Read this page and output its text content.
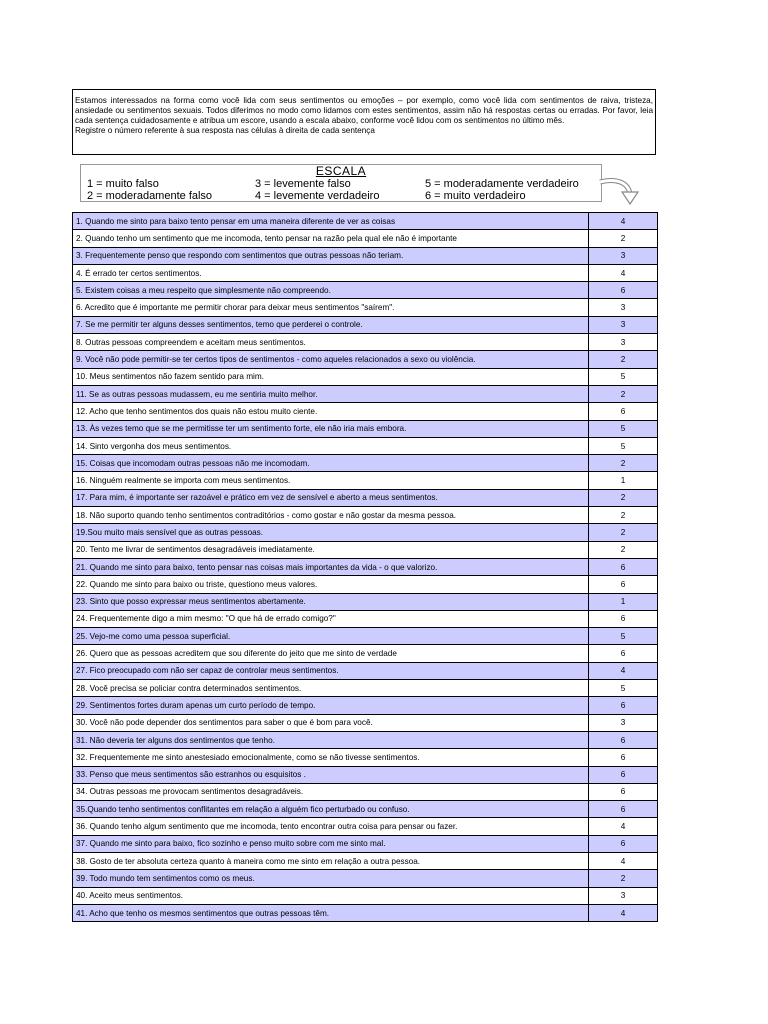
Estamos interessados na forma como você lida com seus sentimentos ou emoções – por exemplo, como você lida com sentimentos de raiva, tristeza, ansiedade ou sentimentos sexuais. Todos diferimos no modo como lidamos com estes sentimentos, assim não há respostas certas ou erradas. Por favor, leia cada sentença cuidadosamente e atribua um escore, usando a escala abaixo, conforme você lidou com os sentimentos no último mês.

Registre o número referente à sua resposta nas células à direita de cada sentença

ESCALA
1 = muito falso
2 = moderadamente falso
3 = levemente falso
4 = levemente verdadeiro
5 = moderadamente verdadeiro
6 = muito verdadeiro
1. Quando me sinto para baixo tento pensar em uma maneira diferente de ver as coisas	4
2. Quando tenho um sentimento que me incomoda, tento pensar na razão pela qual ele não é importante	2
3. Frequentemente penso que respondo com sentimentos que outras pessoas não teriam.	3
4. É errado ter certos sentimentos.	4
5. Existem coisas a meu respeito que simplesmente não compreendo.	6
6. Acredito que é importante me permitir chorar para deixar meus sentimentos "saírem".	3
7. Se me permitir ter alguns desses sentimentos, temo que perderei o controle.	3
8. Outras pessoas compreendem e aceitam meus sentimentos.	3
9. Você não pode permitir-se ter certos tipos de sentimentos - como aqueles relacionados a sexo ou violência.	2
10. Meus sentimentos não fazem sentido para mim.	5
11. Se as outras pessoas mudassem, eu me sentiria muito melhor.	2
12. Acho que tenho sentimentos dos quais não estou muito ciente.	6
13. Às vezes temo que se me permitisse ter um sentimento forte, ele não iria mais embora.	5
14. Sinto vergonha dos meus sentimentos.	5
15. Coisas que incomodam outras pessoas não me incomodam.	2
16. Ninguém realmente se importa com meus sentimentos.	1
17. Para mim, é importante ser razoável e prático em vez de sensível e aberto a meus sentimentos.	2
18. Não suporto quando tenho sentimentos contraditórios - como gostar e não gostar da mesma pessoa.	2
19.Sou muito mais sensível que as outras pessoas.	2
20. Tento me livrar de sentimentos desagradáveis imediatamente.	2
21. Quando me sinto para baixo, tento pensar nas coisas mais importantes da vida - o que valorizo.	6
22. Quando me sinto para baixo ou triste, questiono meus valores.	6
23. Sinto que posso expressar meus sentimentos abertamente.	1
24. Frequentemente digo a mim mesmo: "O que há de errado comigo?"	6
25. Vejo-me como uma pessoa superficial.	5
26. Quero que as pessoas acreditem que sou diferente do jeito que me sinto de verdade	6
27. Fico preocupado com não ser capaz de controlar meus sentimentos.	4
28. Você precisa se policiar contra determinados sentimentos.	5
29. Sentimentos fortes duram apenas um curto período de tempo.	6
30. Você não pode depender dos sentimentos para saber o que é bom para você.	3
31. Não deveria ter alguns dos sentimentos que tenho.	6
32. Frequentemente me sinto anestesiado emocionalmente, como se não tivesse sentimentos.	6
33. Penso que meus sentimentos são estranhos ou esquisitos .	6
34. Outras pessoas me provocam sentimentos desagradáveis.	6
35.Quando tenho sentimentos conflitantes em relação a alguém fico perturbado ou confuso.	6
36. Quando tenho algum sentimento que me incomoda, tento encontrar outra coisa para pensar ou fazer.	4
37. Quando me sinto para baixo, fico sozinho e penso muito sobre com me sinto mal.	6
38. Gosto de ter absoluta certeza quanto à maneira como me sinto em relação a outra pessoa.	4
39. Todo mundo tem sentimentos como os meus.	2
40. Aceito meus sentimentos.	3
41. Acho que tenho os mesmos sentimentos que outras pessoas têm.	4
